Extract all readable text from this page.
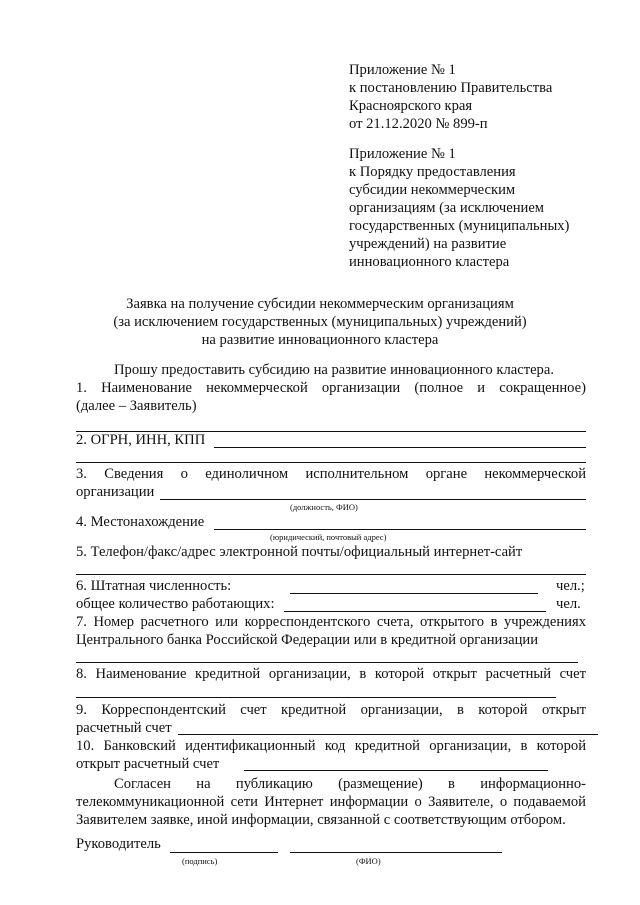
Приложение № 1
к постановлению Правительства
Красноярского края
от 21.12.2020 № 899-п
Приложение № 1
к Порядку предоставления
субсидии некоммерческим
организациям (за исключением
государственных (муниципальных)
учреждений) на развитие
инновационного кластера
Заявка на получение субсидии некоммерческим организациям
(за исключением государственных (муниципальных) учреждений)
на развитие инновационного кластера
Прошу предоставить субсидию на развитие инновационного кластера.
1. Наименование некоммерческой организации (полное и сокращенное)
(далее – Заявитель)
2. ОГРН, ИНН, КПП
3. Сведения о единоличном исполнительном органе некоммерческой
организации
(должность, ФИО)
4. Местонахождение
(юридический, почтовый адрес)
5. Телефон/факс/адрес электронной почты/официальный интернет-сайт
6. Штатная численность:	чел.;
общее количество работающих:	чел.
7. Номер расчетного или корреспондентского счета, открытого в учреждениях
Центрального банка Российской Федерации или в кредитной организации
8. Наименование кредитной организации, в которой открыт расчетный счет
9. Корреспондентский счет кредитной организации, в которой открыт
расчетный счет
10. Банковский идентификационный код кредитной организации, в которой
открыт расчетный счет
Согласен на публикацию (размещение) в информационно-
телекоммуникационной сети Интернет информации о Заявителе, о подаваемой
Заявителем заявке, иной информации, связанной с соответствующим отбором.
Руководитель
(подпись)	(ФИО)
